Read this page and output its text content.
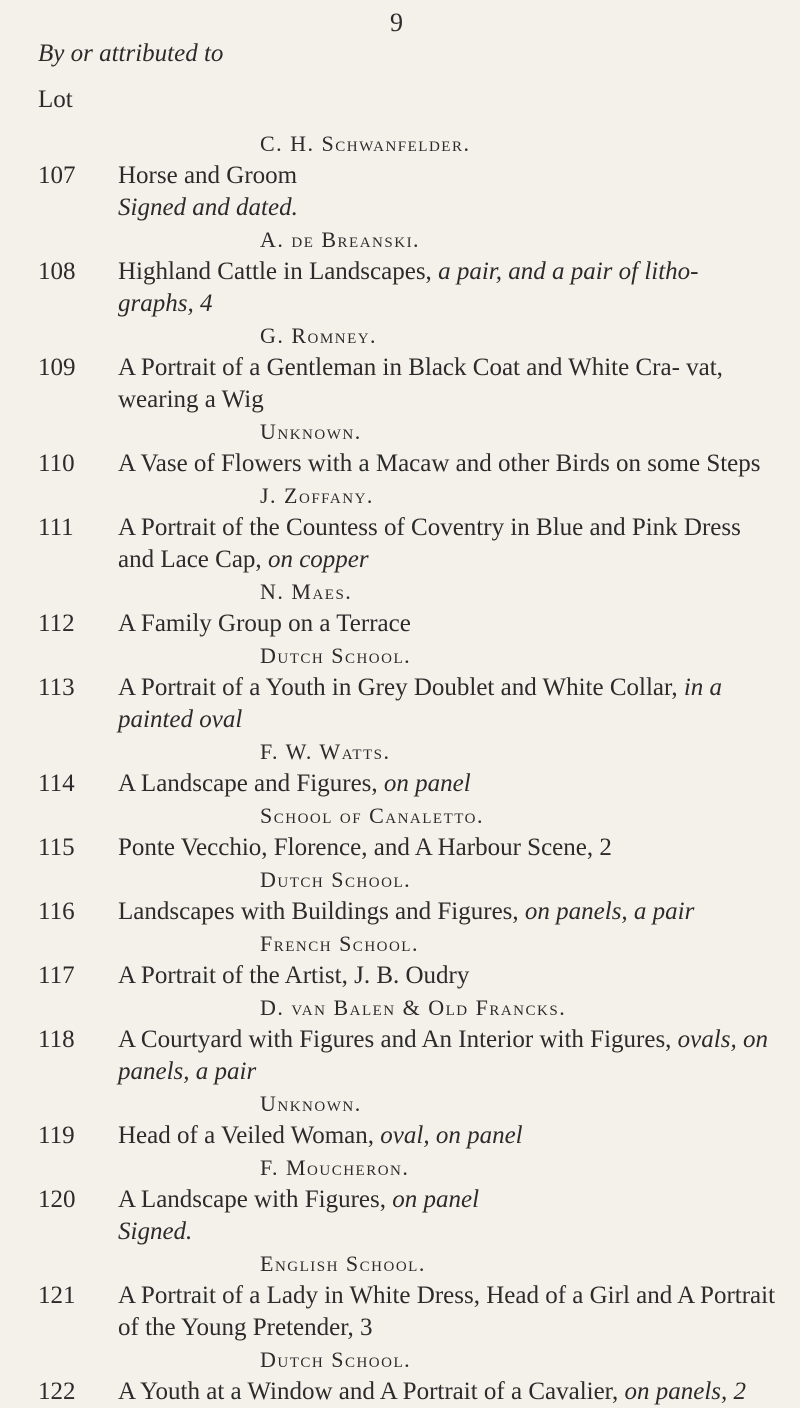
9
By or attributed to
Lot
C. H. Schwanfelder.
107	Horse and Groom
Signed and dated.
A. de Breanski.
108	Highland Cattle in Landscapes, a pair, and a pair of litho- graphs, 4
G. Romney.
109	A Portrait of a Gentleman in Black Coat and White Cra- vat, wearing a Wig
Unknown.
110	A Vase of Flowers with a Macaw and other Birds on some Steps
J. Zoffany.
111	A Portrait of the Countess of Coventry in Blue and Pink Dress and Lace Cap, on copper
N. Maes.
112	A Family Group on a Terrace
Dutch School.
113	A Portrait of a Youth in Grey Doublet and White Collar, in a painted oval
F. W. Watts.
114	A Landscape and Figures, on panel
School of Canaletto.
115	Ponte Vecchio, Florence, and A Harbour Scene, 2
Dutch School.
116	Landscapes with Buildings and Figures, on panels, a pair
French School.
117	A Portrait of the Artist, J. B. Oudry
D. van Balen & Old Francks.
118	A Courtyard with Figures and An Interior with Figures, ovals, on panels, a pair
Unknown.
119	Head of a Veiled Woman, oval, on panel
F. Moucheron.
120	A Landscape with Figures, on panel
Signed.
English School.
121	A Portrait of a Lady in White Dress, Head of a Girl and A Portrait of the Young Pretender, 3
Dutch School.
122	A Youth at a Window and A Portrait of a Cavalier, on panels, 2
